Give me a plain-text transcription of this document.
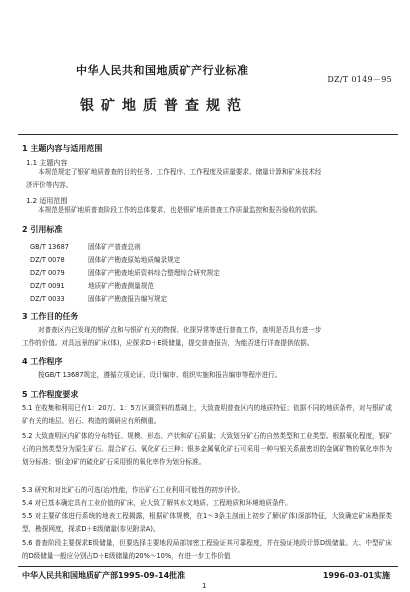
中华人民共和国地质矿产行业标准
DZ/T 0149－95
银矿地质普查规范
1 主题内容与适用范围
1.1 主题内容
本规范规定了银矿地质普查的目的任务、工作程序、工作程度及质量要求、储量计算和矿床技术经
济评价等内容。
1.2 适用范围
本规范是银矿地质普查阶段工作的总体要求，也是银矿地质普查工作质量监控和报告验收的依据。
2 引用标准
GB/T 13687	固体矿产普查总则
DZ/T 0078	固体矿产勘查原始地质编录规定
DZ/T 0079	固体矿产勘查地质资料综合整理综合研究规定
DZ/T 0091	地质矿产勘查测量规范
DZ/T 0033	固体矿产勘查报告编写规定
3 工作目的任务
对普查区内已发现的银矿点和与银矿有关的物探、化探异常等进行普查工作，查明是否具有进一步
工作的价值。对具远景的矿床(体)，应探求D＋E级储量，提交普查报告，为能否进行详查提供依据。
4 工作程序
按GB/T 13687规定，遵循立项论证、设计编审、组织实施和报告编审等程序进行。
5 工作程度要求
5.1 在收集和利用已有1：20万、1：5万区调资料的基础上，大致查明普查区内的地质特征；依据不同的地质条件，对与银矿或矿有关的地层、岩石、构造的调研应有所侧重。
5.2 大致查明区内矿体的分布特征、规模、形态、产状和矿石质量；大致划分矿石的自然类型和工业类型。根据氧化程度，银矿石的自然类型分为原生矿石、混合矿石、氧化矿石三种；银多金属氧化矿石可采用一种与银关系最密切的金属矿物的氧化率作为划分标准；银(金)矿的硫化矿石采用银的氧化率作为划分标准。
5.3 研究和对比矿石的可选(冶)性能，作出矿石工业利用可能性的初步评价。
5.4 对已基本确定具有工业价值的矿床，应大致了解其水文地质、工程地质和环境地质条件。
5.5 对主要矿体进行系统的地表工程揭露，根据矿体规模，在1～3条主剖面上初步了解(矿体)深部特征，大致确定矿床勘探类型，勘探网度，探求D＋E级储量(参见附录A)。
5.6 普查阶段主要探求E级储量，但要选择主要地段局部加密工程验证其可靠程度，并在验证地段计算D级储量。大、中型矿床的D级储量一般应分别占D＋E级储量的20%～10%，有进一步工作价值
中华人民共和国地质矿产部1995-09-14批准	1996-03-01实施
1
